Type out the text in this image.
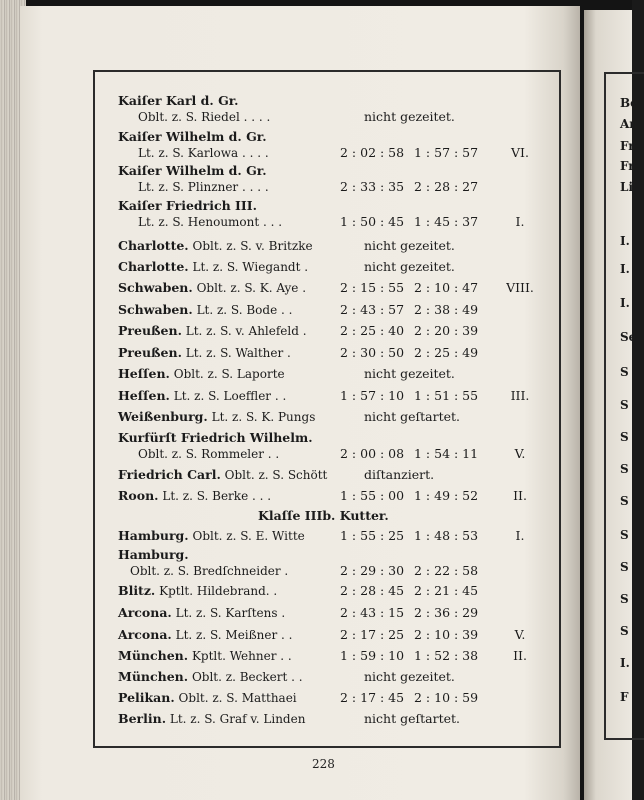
Kaiſer Karl d. Gr.
Oblt. z. S. Riedel . . . .	nicht gezeitet.
Kaiſer Wilhelm d. Gr.
Lt. z. S. Karlowa . . . .	2 : 02 : 58 1 : 57 : 57	VI.
Kaiſer Wilhelm d. Gr.
Lt. z. S. Plinzner . . . .	2 : 33 : 35 2 : 28 : 27
Kaiſer Friedrich III.
Lt. z. S. Henoumont . . .	1 : 50 : 45 1 : 45 : 37	I.
Charlotte. Oblt. z. S. v. Britzke	nicht gezeitet.
Charlotte. Lt. z. S. Wiegandt .	nicht gezeitet.
Schwaben. Oblt. z. S. K. Aye .	2 : 15 : 55 2 : 10 : 47	VIII.
Schwaben. Lt. z. S. Bode . .	2 : 43 : 57 2 : 38 : 49
Preußen. Lt. z. S. v. Ahlefeld .	2 : 25 : 40 2 : 20 : 39
Preußen. Lt. z. S. Walther .	2 : 30 : 50 2 : 25 : 49
Heſſen. Oblt. z. S. Laporte	nicht gezeitet.
Heſſen. Lt. z. S. Loeffler . .	1 : 57 : 10 1 : 51 : 55	III.
Weißenburg. Lt. z. S. K. Pungs	nicht geſtartet.
Kurfürſt Friedrich Wilhelm.
Oblt. z. S. Rommeler . .	2 : 00 : 08 1 : 54 : 11	V.
Friedrich Carl. Oblt. z. S. Schött	diſtanziert.
Roon. Lt. z. S. Berke . . .	1 : 55 : 00 1 : 49 : 52	II.
Klaſſe IIIb. Kutter.
Hamburg. Oblt. z. S. E. Witte	1 : 55 : 25 1 : 48 : 53	I.
Hamburg.
Oblt. z. S. Bredſchneider .	2 : 29 : 30 2 : 22 : 58
Blitz. Kptlt. Hildebrand. .	2 : 28 : 45 2 : 21 : 45
Arcona. Lt. z. S. Karſtens .	2 : 43 : 15 2 : 36 : 29
Arcona. Lt. z. S. Meißner . .	2 : 17 : 25 2 : 10 : 39	V.
München. Kptlt. Wehner . .	1 : 59 : 10 1 : 52 : 38	II.
München. Oblt. z. Beckert . .	nicht gezeitet.
Pelikan. Oblt. z. S. Matthaei	2 : 17 : 45 2 : 10 : 59
Berlin. Lt. z. S. Graf v. Linden	nicht geſtartet.
228
Be
An
Fr
Fr
Li
I.
I.
I.
Se
S
S
S
S
S
S
S
S
S
I.
F
